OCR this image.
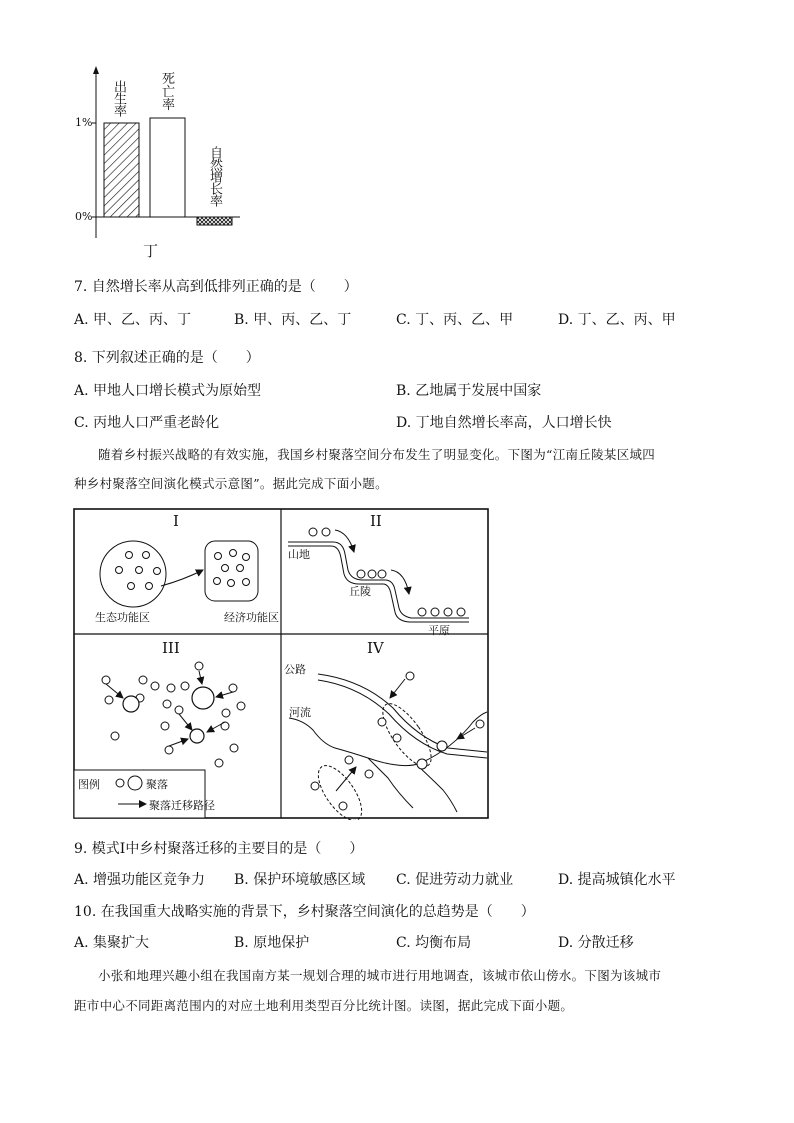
1%
0%
出生率
死亡率
自然增长率
丁
7. 自然增长率从高到低排列正确的是（　　）
A. 甲、乙、丙、丁	B. 甲、丙、乙、丁	C. 丁、丙、乙、甲	D. 丁、乙、丙、甲
8. 下列叙述正确的是（　　）
A. 甲地人口增长模式为原始型	B. 乙地属于发展中国家
C. 丙地人口严重老龄化	D. 丁地自然增长率高，人口增长快
随着乡村振兴战略的有效实施，我国乡村聚落空间分布发生了明显变化。下图为“江南丘陵某区域四
种乡村聚落空间演化模式示意图”。据此完成下面小题。
I
生态功能区	经济功能区
II
山地
丘陵
平原
III	IV
公路
河流
图例	聚落
聚落迁移路径
9. 模式Ⅰ中乡村聚落迁移的主要目的是（　　）
A. 增强功能区竞争力 B. 保护环境敏感区域 C. 促进劳动力就业	D. 提高城镇化水平
10. 在我国重大战略实施的背景下，乡村聚落空间演化的总趋势是（　　）
A. 集聚扩大	B. 原地保护	C. 均衡布局	D. 分散迁移
小张和地理兴趣小组在我国南方某一规划合理的城市进行用地调查，该城市依山傍水。下图为该城市
距市中心不同距离范围内的对应土地利用类型百分比统计图。读图，据此完成下面小题。
